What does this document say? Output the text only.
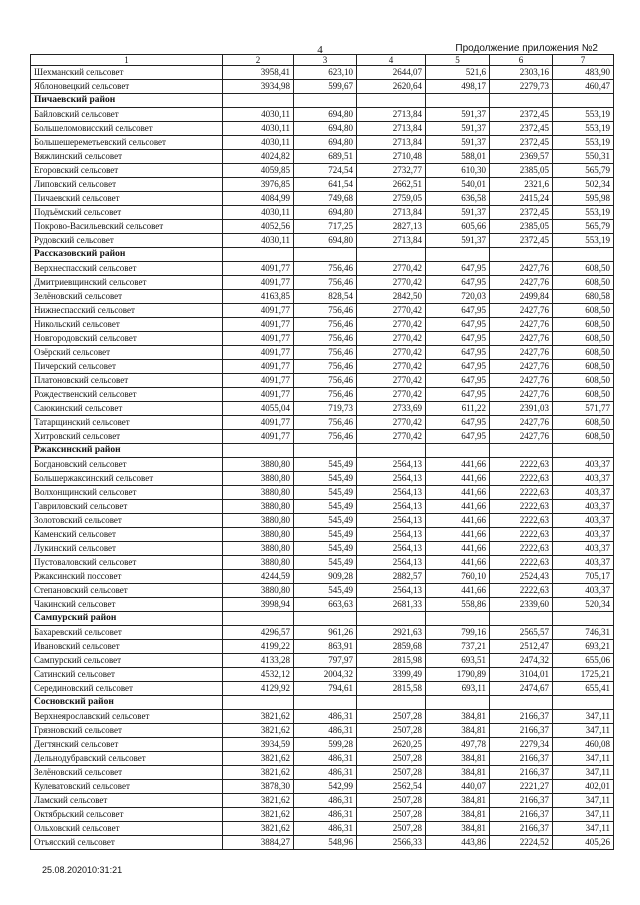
4	Продолжение приложения №2
1	2	3	4	5	6	7
Шехманский сельсовет	3958,41	623,10	2644,07	521,6	2303,16	483,90
Яблоновецкий сельсовет	3934,98	599,67	2620,64	498,17	2279,73	460,47
Пичаевский район						
Байловский сельсовет	4030,11	694,80	2713,84	591,37	2372,45	553,19
Большеломовисский сельсовет	4030,11	694,80	2713,84	591,37	2372,45	553,19
Большешереметьевский сельсовет	4030,11	694,80	2713,84	591,37	2372,45	553,19
Вяжлинский сельсовет	4024,82	689,51	2710,48	588,01	2369,57	550,31
Егоровский сельсовет	4059,85	724,54	2732,77	610,30	2385,05	565,79
Липовский сельсовет	3976,85	641,54	2662,51	540,01	2321,6	502,34
Пичаевский сельсовет	4084,99	749,68	2759,05	636,58	2415,24	595,98
Подъёмский сельсовет	4030,11	694,80	2713,84	591,37	2372,45	553,19
Покрово-Васильевский сельсовет	4052,56	717,25	2827,13	605,66	2385,05	565,79
Рудовский сельсовет	4030,11	694,80	2713,84	591,37	2372,45	553,19
Рассказовский район						
Верхнеспасский сельсовет	4091,77	756,46	2770,42	647,95	2427,76	608,50
Дмитриевщинский сельсовет	4091,77	756,46	2770,42	647,95	2427,76	608,50
Зелёновский сельсовет	4163,85	828,54	2842,50	720,03	2499,84	680,58
Нижнеспасский сельсовет	4091,77	756,46	2770,42	647,95	2427,76	608,50
Никольский сельсовет	4091,77	756,46	2770,42	647,95	2427,76	608,50
Новгородовский сельсовет	4091,77	756,46	2770,42	647,95	2427,76	608,50
Озёрский сельсовет	4091,77	756,46	2770,42	647,95	2427,76	608,50
Пичерский сельсовет	4091,77	756,46	2770,42	647,95	2427,76	608,50
Платоновский сельсовет	4091,77	756,46	2770,42	647,95	2427,76	608,50
Рождественский сельсовет	4091,77	756,46	2770,42	647,95	2427,76	608,50
Саюкинский сельсовет	4055,04	719,73	2733,69	611,22	2391,03	571,77
Татарщинский сельсовет	4091,77	756,46	2770,42	647,95	2427,76	608,50
Хитровский сельсовет	4091,77	756,46	2770,42	647,95	2427,76	608,50
Ржаксинский район						
Богдановский сельсовет	3880,80	545,49	2564,13	441,66	2222,63	403,37
Большержаксинский сельсовет	3880,80	545,49	2564,13	441,66	2222,63	403,37
Волхонщинский сельсовет	3880,80	545,49	2564,13	441,66	2222,63	403,37
Гавриловский сельсовет	3880,80	545,49	2564,13	441,66	2222,63	403,37
Золотовский сельсовет	3880,80	545,49	2564,13	441,66	2222,63	403,37
Каменский сельсовет	3880,80	545,49	2564,13	441,66	2222,63	403,37
Лукинский сельсовет	3880,80	545,49	2564,13	441,66	2222,63	403,37
Пустоваловский сельсовет	3880,80	545,49	2564,13	441,66	2222,63	403,37
Ржаксинский поссовет	4244,59	909,28	2882,57	760,10	2524,43	705,17
Степановский сельсовет	3880,80	545,49	2564,13	441,66	2222,63	403,37
Чакинский сельсовет	3998,94	663,63	2681,33	558,86	2339,60	520,34
Сампурский район						
Бахаревский сельсовет	4296,57	961,26	2921,63	799,16	2565,57	746,31
Ивановский сельсовет	4199,22	863,91	2859,68	737,21	2512,47	693,21
Сампурский сельсовет	4133,28	797,97	2815,98	693,51	2474,32	655,06
Сатинский сельсовет	4532,12	2004,32	3399,49	1790,89	3104,01	1725,21
Серединовский сельсовет	4129,92	794,61	2815,58	693,11	2474,67	655,41
Сосновский район						
Верхнеярославский сельсовет	3821,62	486,31	2507,28	384,81	2166,37	347,11
Грязновский сельсовет	3821,62	486,31	2507,28	384,81	2166,37	347,11
Дегтянский сельсовет	3934,59	599,28	2620,25	497,78	2279,34	460,08
Дельнодубравский сельсовет	3821,62	486,31	2507,28	384,81	2166,37	347,11
Зелёновский сельсовет	3821,62	486,31	2507,28	384,81	2166,37	347,11
Кулеватовский сельсовет	3878,30	542,99	2562,54	440,07	2221,27	402,01
Ламский сельсовет	3821,62	486,31	2507,28	384,81	2166,37	347,11
Октябрьский сельсовет	3821,62	486,31	2507,28	384,81	2166,37	347,11
Ольховский сельсовет	3821,62	486,31	2507,28	384,81	2166,37	347,11
Отъясский сельсовет	3884,27	548,96	2566,33	443,86	2224,52	405,26
25.08.202010:31:21
